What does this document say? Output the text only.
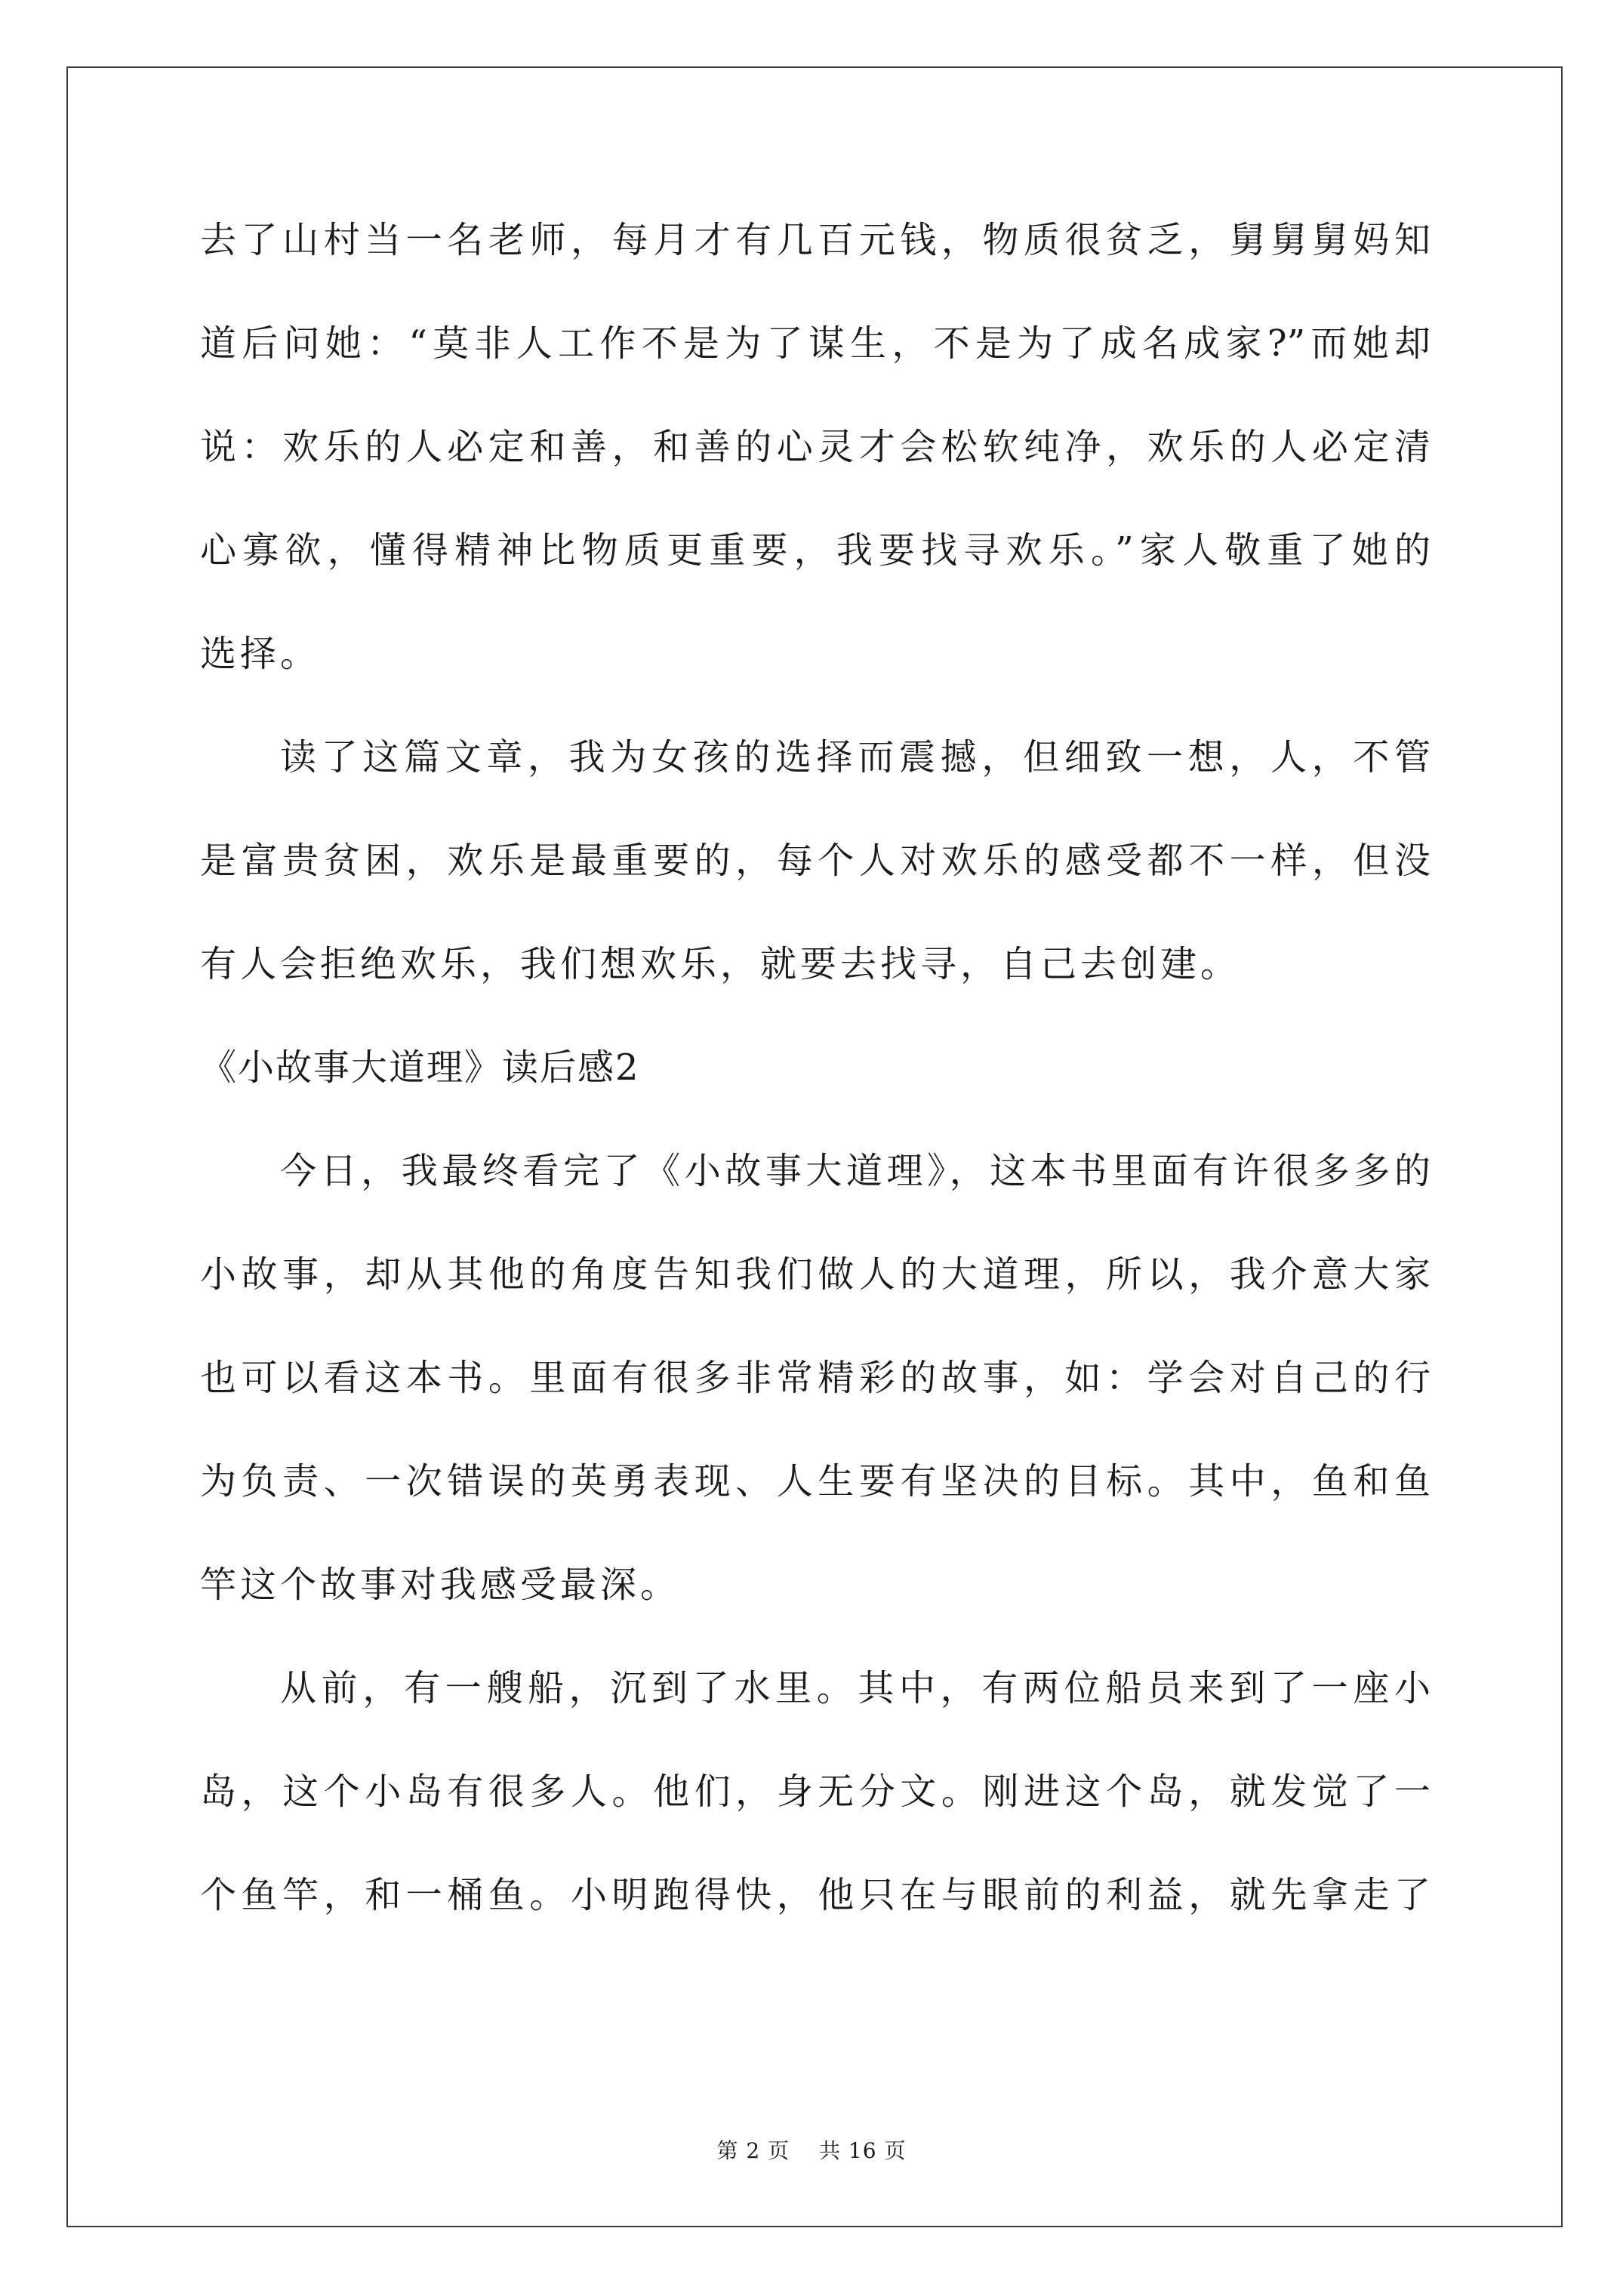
去了山村当一名老师，每月才有几百元钱，物质很贫乏，舅舅舅妈知
道后问她：“莫非人工作不是为了谋生，不是为了成名成家?”而她却
说：欢乐的人必定和善，和善的心灵才会松软纯净，欢乐的人必定清
心寡欲，懂得精神比物质更重要，我要找寻欢乐。”家人敬重了她的
选择。
读了这篇文章，我为女孩的选择而震撼，但细致一想，人，不管
是富贵贫困，欢乐是最重要的，每个人对欢乐的感受都不一样，但没
有人会拒绝欢乐，我们想欢乐，就要去找寻，自己去创建。
《小故事大道理》读后感2
今日，我最终看完了《小故事大道理》，这本书里面有许很多多的
小故事，却从其他的角度告知我们做人的大道理，所以，我介意大家
也可以看这本书。里面有很多非常精彩的故事，如：学会对自己的行
为负责、一次错误的英勇表现、人生要有坚决的目标。其中，鱼和鱼
竿这个故事对我感受最深。
从前，有一艘船，沉到了水里。其中，有两位船员来到了一座小
岛，这个小岛有很多人。他们，身无分文。刚进这个岛，就发觉了一
个鱼竿，和一桶鱼。小明跑得快，他只在与眼前的利益，就先拿走了
第 2 页　 共 16 页
